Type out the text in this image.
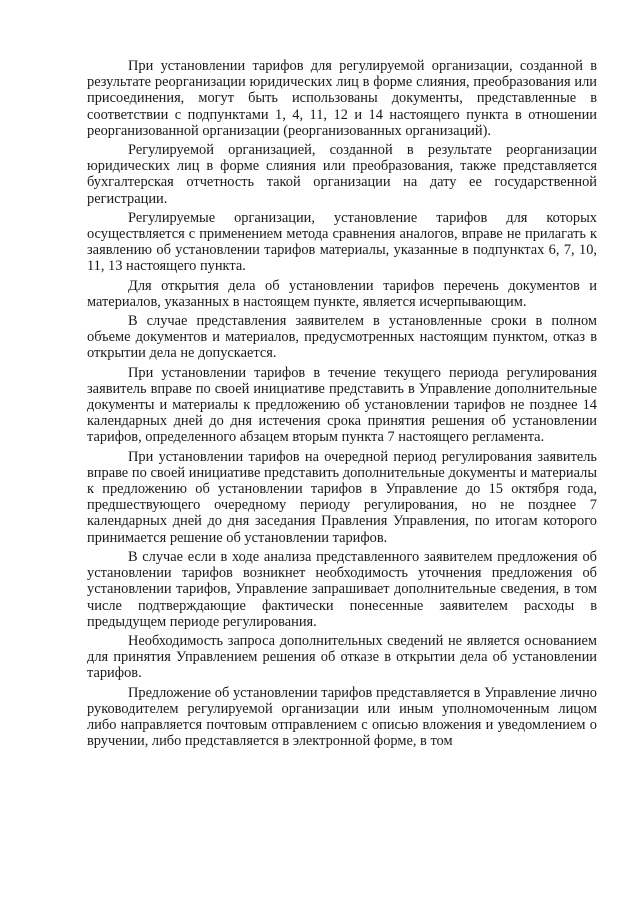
При установлении тарифов для регулируемой организации, созданной в результате реорганизации юридических лиц в форме слияния, преобразования или присоединения, могут быть использованы документы, представленные в соответствии с подпунктами 1, 4, 11, 12 и 14 настоящего пункта в отношении реорганизованной организации (реорганизованных организаций).

Регулируемой организацией, созданной в результате реорганизации юридических лиц в форме слияния или преобразования, также представляется бухгалтерская отчетность такой организации на дату ее государственной регистрации.

Регулируемые организации, установление тарифов для которых осуществляется с применением метода сравнения аналогов, вправе не прилагать к заявлению об установлении тарифов материалы, указанные в подпунктах 6, 7, 10, 11, 13 настоящего пункта.

Для открытия дела об установлении тарифов перечень документов и материалов, указанных в настоящем пункте, является исчерпывающим.

В случае представления заявителем в установленные сроки в полном объеме документов и материалов, предусмотренных настоящим пунктом, отказ в открытии дела не допускается.

При установлении тарифов в течение текущего периода регулирования заявитель вправе по своей инициативе представить в Управление дополнительные документы и материалы к предложению об установлении тарифов не позднее 14 календарных дней до дня истечения срока принятия решения об установлении тарифов, определенного абзацем вторым пункта 7 настоящего регламента.

При установлении тарифов на очередной период регулирования заявитель вправе по своей инициативе представить дополнительные документы и материалы к предложению об установлении тарифов в Управление до 15 октября года, предшествующего очередному периоду регулирования, но не позднее 7 календарных дней до дня заседания Правления Управления, по итогам которого принимается решение об установлении тарифов.

В случае если в ходе анализа представленного заявителем предложения об установлении тарифов возникнет необходимость уточнения предложения об установлении тарифов, Управление запрашивает дополнительные сведения, в том числе подтверждающие фактически понесенные заявителем расходы в предыдущем периоде регулирования.

Необходимость запроса дополнительных сведений не является основанием для принятия Управлением решения об отказе в открытии дела об установлении тарифов.

Предложение об установлении тарифов представляется в Управление лично руководителем регулируемой организации или иным уполномоченным лицом либо направляется почтовым отправлением с описью вложения и уведомлением о вручении, либо представляется в электронной форме, в том
